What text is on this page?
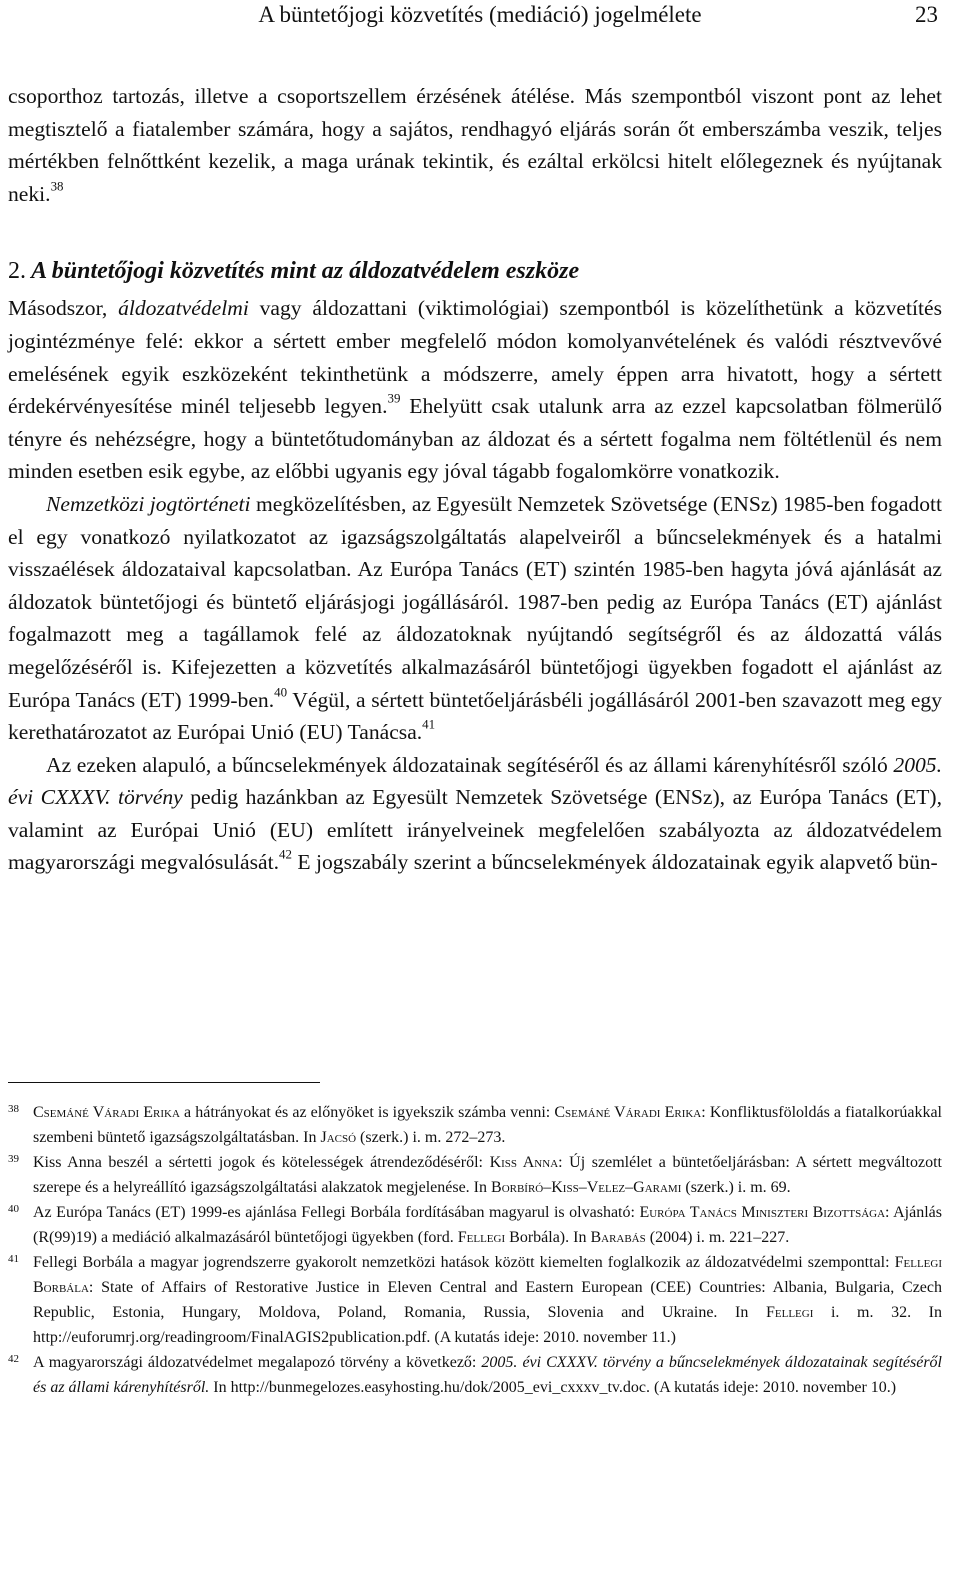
A büntetőjogi közvetítés (mediáció) jogelmélete	23

csoporthoz tartozás, illetve a csoportszellem érzésének átélése. Más szempontból viszont pont az lehet megtisztelő a fiatalember számára, hogy a sajátos, rendhagyó eljárás során őt emberszámba veszik, teljes mértékben felnőttként kezelik, a maga urának tekintik, és ezáltal erkölcsi hitelt előlegeznek és nyújtanak neki.$^{38}$

2. A büntetőjogi közvetítés mint az áldozatvédelem eszköze

Másodszor, áldozatvédelmi vagy áldozattani (viktimológiai) szempontból is közelíthetünk a közvetítés jogintézménye felé: ekkor a sértett ember megfelelő módon komolyanvételének és valódi résztvevővé emelésének egyik eszközeként tekinthetünk a módszerre, amely éppen arra hivatott, hogy a sértett érdekérvényesítése minél teljesebb legyen.$^{39}$ Ehelyütt csak utalunk arra az ezzel kapcsolatban fölmerülő tényre és nehézségre, hogy a büntetőtudományban az áldozat és a sértett fogalma nem föltétlenül és nem minden esetben esik egybe, az előbbi ugyanis egy jóval tágabb fogalomkörre vonatkozik.

Nemzetközi jogtörténeti megközelítésben, az Egyesült Nemzetek Szövetsége (ENSz) 1985-ben fogadott el egy vonatkozó nyilatkozatot az igazságszolgáltatás alapelveiről a bűncselekmények és a hatalmi visszaélések áldozataival kapcsolatban. Az Európa Tanács (ET) szintén 1985-ben hagyta jóvá ajánlását az áldozatok büntetőjogi és büntető eljárásjogi jogállásáról. 1987-ben pedig az Európa Tanács (ET) ajánlást fogalmazott meg a tagállamok felé az áldozatoknak nyújtandó segítségről és az áldozattá válás megelőzéséről is. Kifejezetten a közvetítés alkalmazásáról büntetőjogi ügyekben fogadott el ajánlást az Európa Tanács (ET) 1999-ben.$^{40}$ Végül, a sértett büntetőeljárásbéli jogállásáról 2001-ben szavazott meg egy kerethatározatot az Európai Unió (EU) Tanácsa.$^{41}$

Az ezeken alapuló, a bűncselekmények áldozatainak segítéséről és az állami kárenyhítésről szóló 2005. évi CXXXV. törvény pedig hazánkban az Egyesült Nemzetek Szövetsége (ENSz), az Európa Tanács (ET), valamint az Európai Unió (EU) említett irányelveinek megfelelően szabályozta az áldozatvédelem magyarországi megvalósulását.$^{42}$ E jogszabály szerint a bűncselekmények áldozatainak egyik alapvető bün-

38 Csemáné Váradi Erika a hátrányokat és az előnyöket is igyekszik számba venni: Csemáné Váradi Erika: Konfliktusföloldás a fiatalkorúakkal szembeni büntető igazságszolgáltatásban. In Jacsó (szerk.) i. m. 272–273.

39 Kiss Anna beszél a sértetti jogok és kötelességek átrendeződéséről: Kiss Anna: Új szemlélet a büntetőeljárásban: A sértett megváltozott szerepe és a helyreállító igazságszolgáltatási alakzatok megjelenése. In Borbíró–Kiss–Velez–Garami (szerk.) i. m. 69.

40 Az Európa Tanács (ET) 1999-es ajánlása Fellegi Borbála fordításában magyarul is olvasható: Európa Tanács Miniszteri Bizottsága: Ajánlás (R(99)19) a mediáció alkalmazásáról büntetőjogi ügyekben (ford. Fellegi Borbála). In Barabás (2004) i. m. 221–227.

41 Fellegi Borbála a magyar jogrendszerre gyakorolt nemzetközi hatások között kiemelten foglalkozik az áldozatvédelmi szemponttal: Fellegi Borbála: State of Affairs of Restorative Justice in Eleven Central and Eastern European (CEE) Countries: Albania, Bulgaria, Czech Republic, Estonia, Hungary, Moldova, Poland, Romania, Russia, Slovenia and Ukraine. In Fellegi i. m. 32. In http://euforumrj.org/readingroom/FinalAGIS2publication.pdf. (A kutatás ideje: 2010. november 11.)

42 A magyarországi áldozatvédelmet megalapozó törvény a következő: 2005. évi CXXXV. törvény a bűncselekmények áldozatainak segítéséről és az állami kárenyhítésről. In http://bunmegelozes.easyhosting.hu/dok/2005_evi_cxxxv_tv.doc. (A kutatás ideje: 2010. november 10.)
